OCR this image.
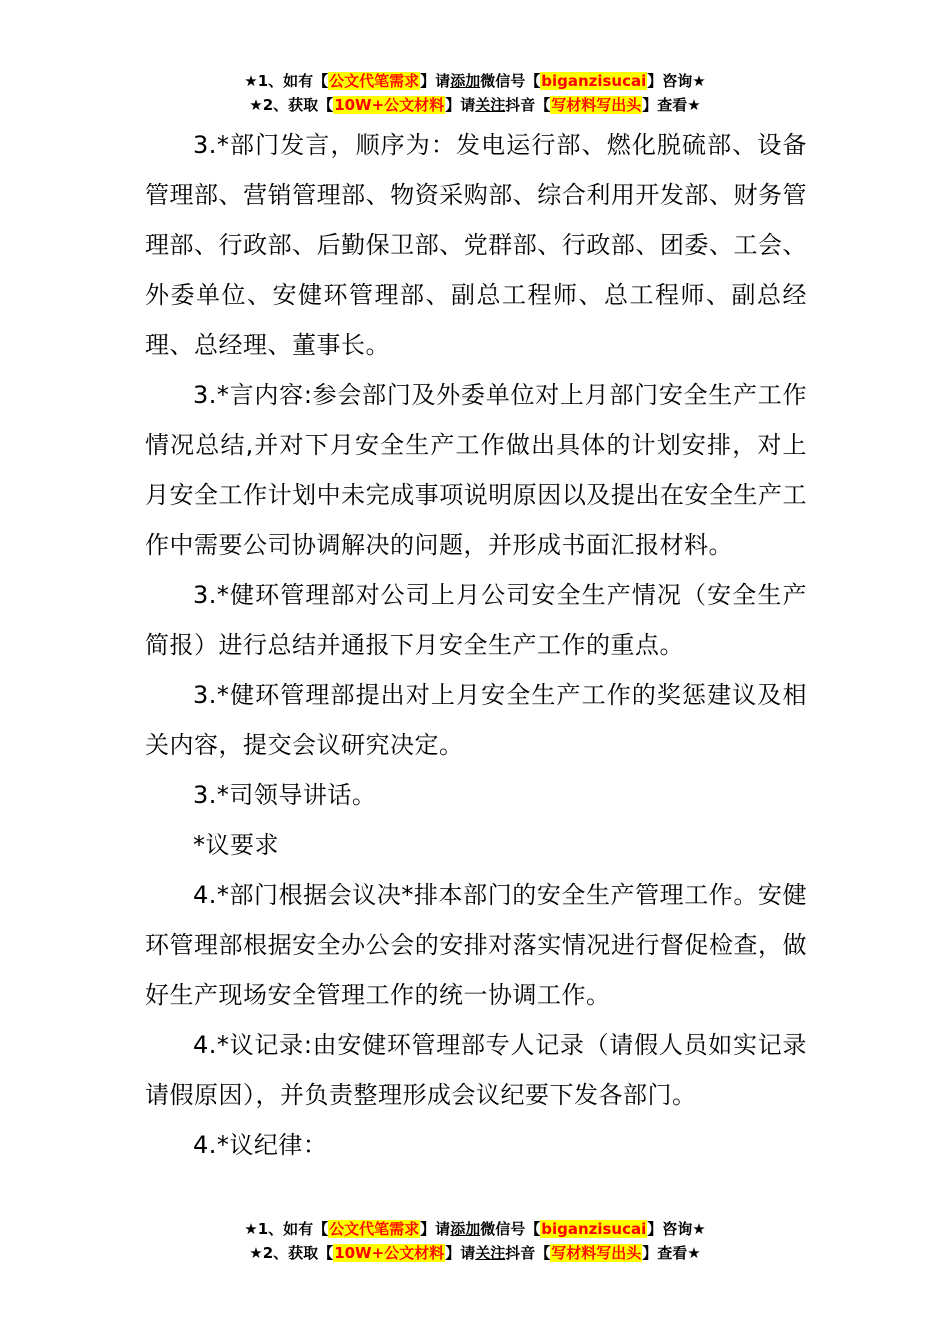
★1、如有【公文代笔需求】请添加微信号【biganzisucai】咨询★
★2、获取【10W+公文材料】请关注抖音【写材料写出头】查看★

3.*部门发言，顺序为：发电运行部、燃化脱硫部、设备管理部、营销管理部、物资采购部、综合利用开发部、财务管理部、行政部、后勤保卫部、党群部、行政部、团委、工会、外委单位、安健环管理部、副总工程师、总工程师、副总经理、总经理、董事长。

3.*言内容:参会部门及外委单位对上月部门安全生产工作情况总结,并对下月安全生产工作做出具体的计划安排，对上月安全工作计划中未完成事项说明原因以及提出在安全生产工作中需要公司协调解决的问题，并形成书面汇报材料。

3.*健环管理部对公司上月公司安全生产情况（安全生产简报）进行总结并通报下月安全生产工作的重点。

3.*健环管理部提出对上月安全生产工作的奖惩建议及相关内容，提交会议研究决定。

3.*司领导讲话。

*议要求

4.*部门根据会议决*排本部门的安全生产管理工作。安健环管理部根据安全办公会的安排对落实情况进行督促检查，做好生产现场安全管理工作的统一协调工作。

4.*议记录:由安健环管理部专人记录（请假人员如实记录请假原因），并负责整理形成会议纪要下发各部门。

4.*议纪律：

★1、如有【公文代笔需求】请添加微信号【biganzisucai】咨询★
★2、获取【10W+公文材料】请关注抖音【写材料写出头】查看★
